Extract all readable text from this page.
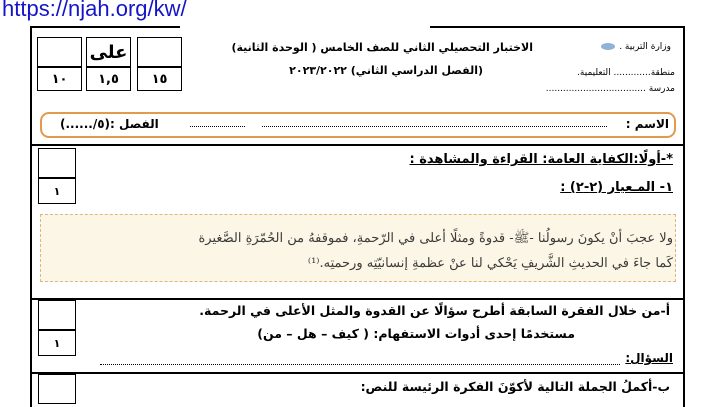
https://njah.org/kw/
على
١٠	١,٥	١٥
وزارة التربية .
منطقة............. التعليمية.
مدرسة ...................................
الاختبار التحصيلي الثاني للصف الخامس ( الوحدة الثانية)
(الفصل الدراسي الثاني) ٢٠٢٣/٢٠٢٢
الاسم :
الفصل :(٥/......)
*-أولًا:الكفاية العامة: القراءة والمشاهدة :
١- المـعيار (٢-٢) :
١
ولا عجبَ أنْ يكونَ رسولُنا -ﷺ- قدوةً ومثلًا أعلى في الرّحمةِ، فموقفهُ من الحُمّرَةِ الصَّغيرة
كَما جاءَ في الحديثِ الشَّريفِ يَحْكي لنا عنْ عظمةِ إنسانيّتِه ورحمتِه.⁽¹⁾
١
أ-من خلال الفقرة السابقة أطرح سؤالًا عن القدوة والمثل الأعلى في الرحمة.
مستخدمًا إحدى أدوات الاستفهام: ( كيف – هل – من)
السؤال:
ب-أكملُ الجملة التالية لأكوّنَ الفكرة الرئيسة للنص:
